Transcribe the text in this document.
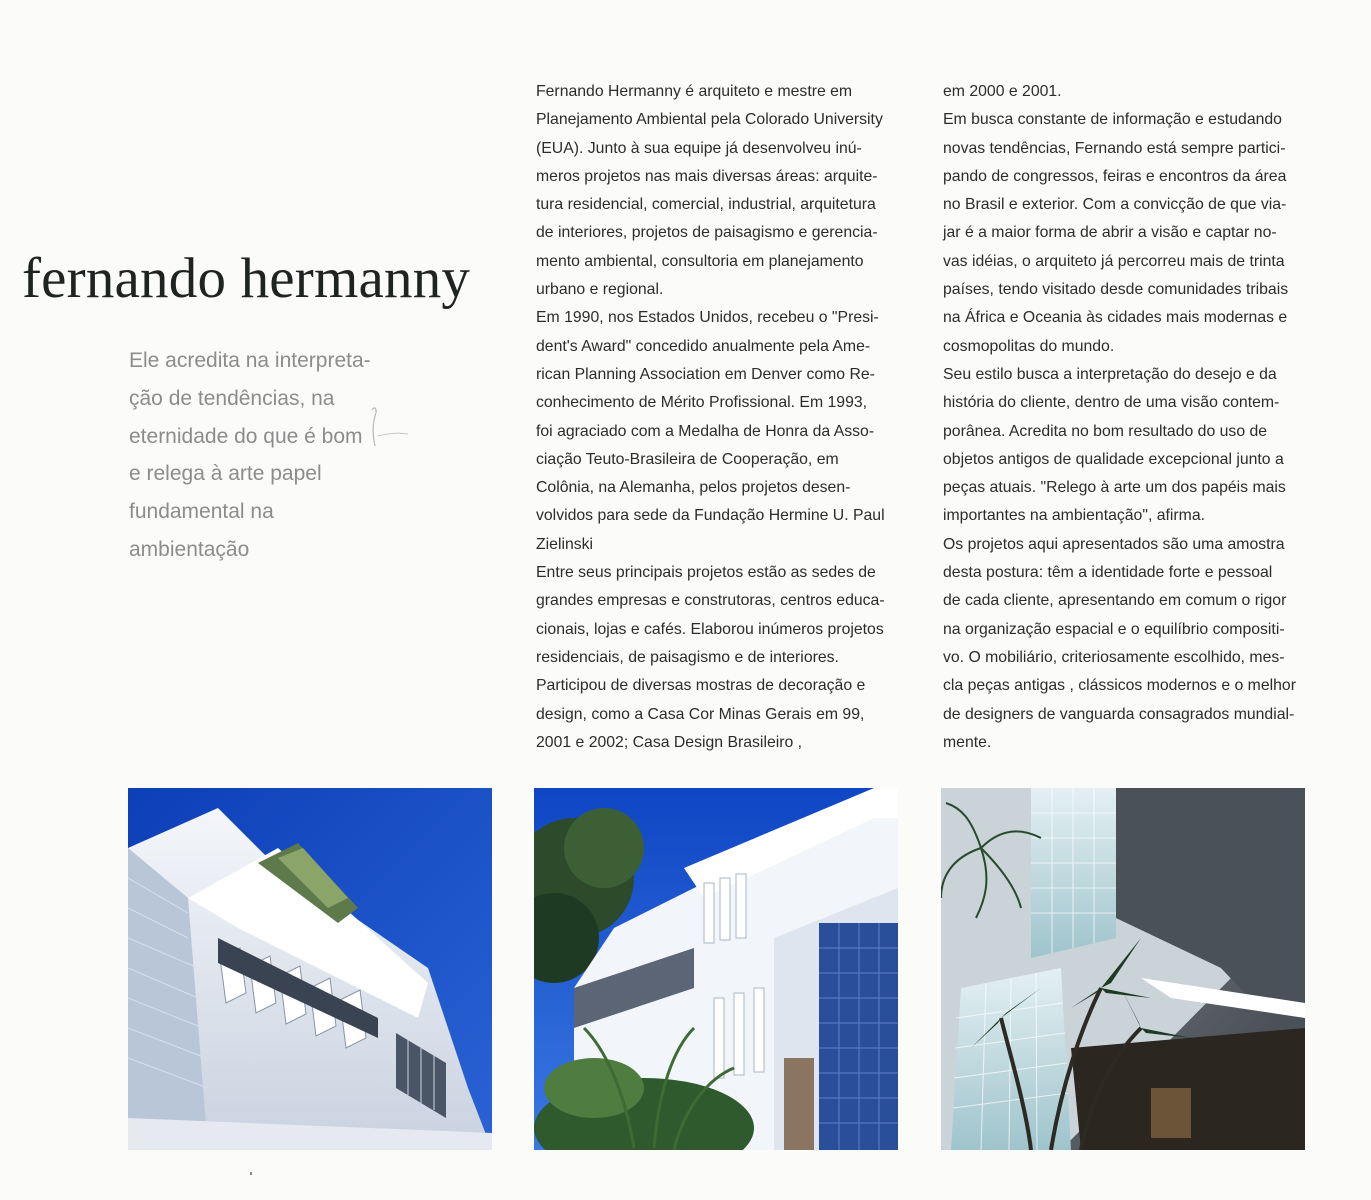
fernando hermanny
Ele acredita na interpreta-
ção de tendências, na
eternidade do que é bom
e relega à arte papel
fundamental na
ambientação
Fernando Hermanny é arquiteto e mestre em
Planejamento Ambiental pela Colorado University
(EUA). Junto à sua equipe já desenvolveu inú-
meros projetos nas mais diversas áreas: arquite-
tura residencial, comercial, industrial, arquitetura
de interiores, projetos de paisagismo e gerencia-
mento ambiental, consultoria em planejamento
urbano e regional.
Em 1990, nos Estados Unidos, recebeu o "Presi-
dent's Award" concedido anualmente pela Ame-
rican Planning Association em Denver como Re-
conhecimento de Mérito Profissional. Em 1993,
foi agraciado com a Medalha de Honra da Asso-
ciação Teuto-Brasileira de Cooperação, em
Colônia, na Alemanha, pelos projetos desen-
volvidos para sede da Fundação Hermine U. Paul
Zielinski
Entre seus principais projetos estão as sedes de
grandes empresas e construtoras, centros educa-
cionais, lojas e cafés. Elaborou inúmeros projetos
residenciais, de paisagismo e de interiores.
Participou de diversas mostras de decoração e
design, como a Casa Cor Minas Gerais em 99,
2001 e 2002; Casa Design Brasileiro ,
em 2000 e 2001.
Em busca constante de informação e estudando
novas tendências, Fernando está sempre partici-
pando de congressos, feiras e encontros da área
no Brasil e exterior. Com a convicção de que via-
jar é a maior forma de abrir a visão e captar no-
vas idéias, o arquiteto já percorreu mais de trinta
países, tendo visitado desde comunidades tribais
na África e Oceania às cidades mais modernas e
cosmopolitas do mundo.
Seu estilo busca a interpretação do desejo e da
história do cliente, dentro de uma visão contem-
porânea. Acredita no bom resultado do uso de
objetos antigos de qualidade excepcional junto a
peças atuais. "Relego à arte um dos papéis mais
importantes na ambientação", afirma.
Os projetos aqui apresentados são uma amostra
desta postura: têm a identidade forte e pessoal
de cada cliente, apresentando em comum o rigor
na organização espacial e o equilíbrio compositi-
vo. O mobiliário, criteriosamente escolhido, mes-
cla peças antigas , clássicos modernos e o melhor
de designers de vanguarda consagrados mundial-
mente.
